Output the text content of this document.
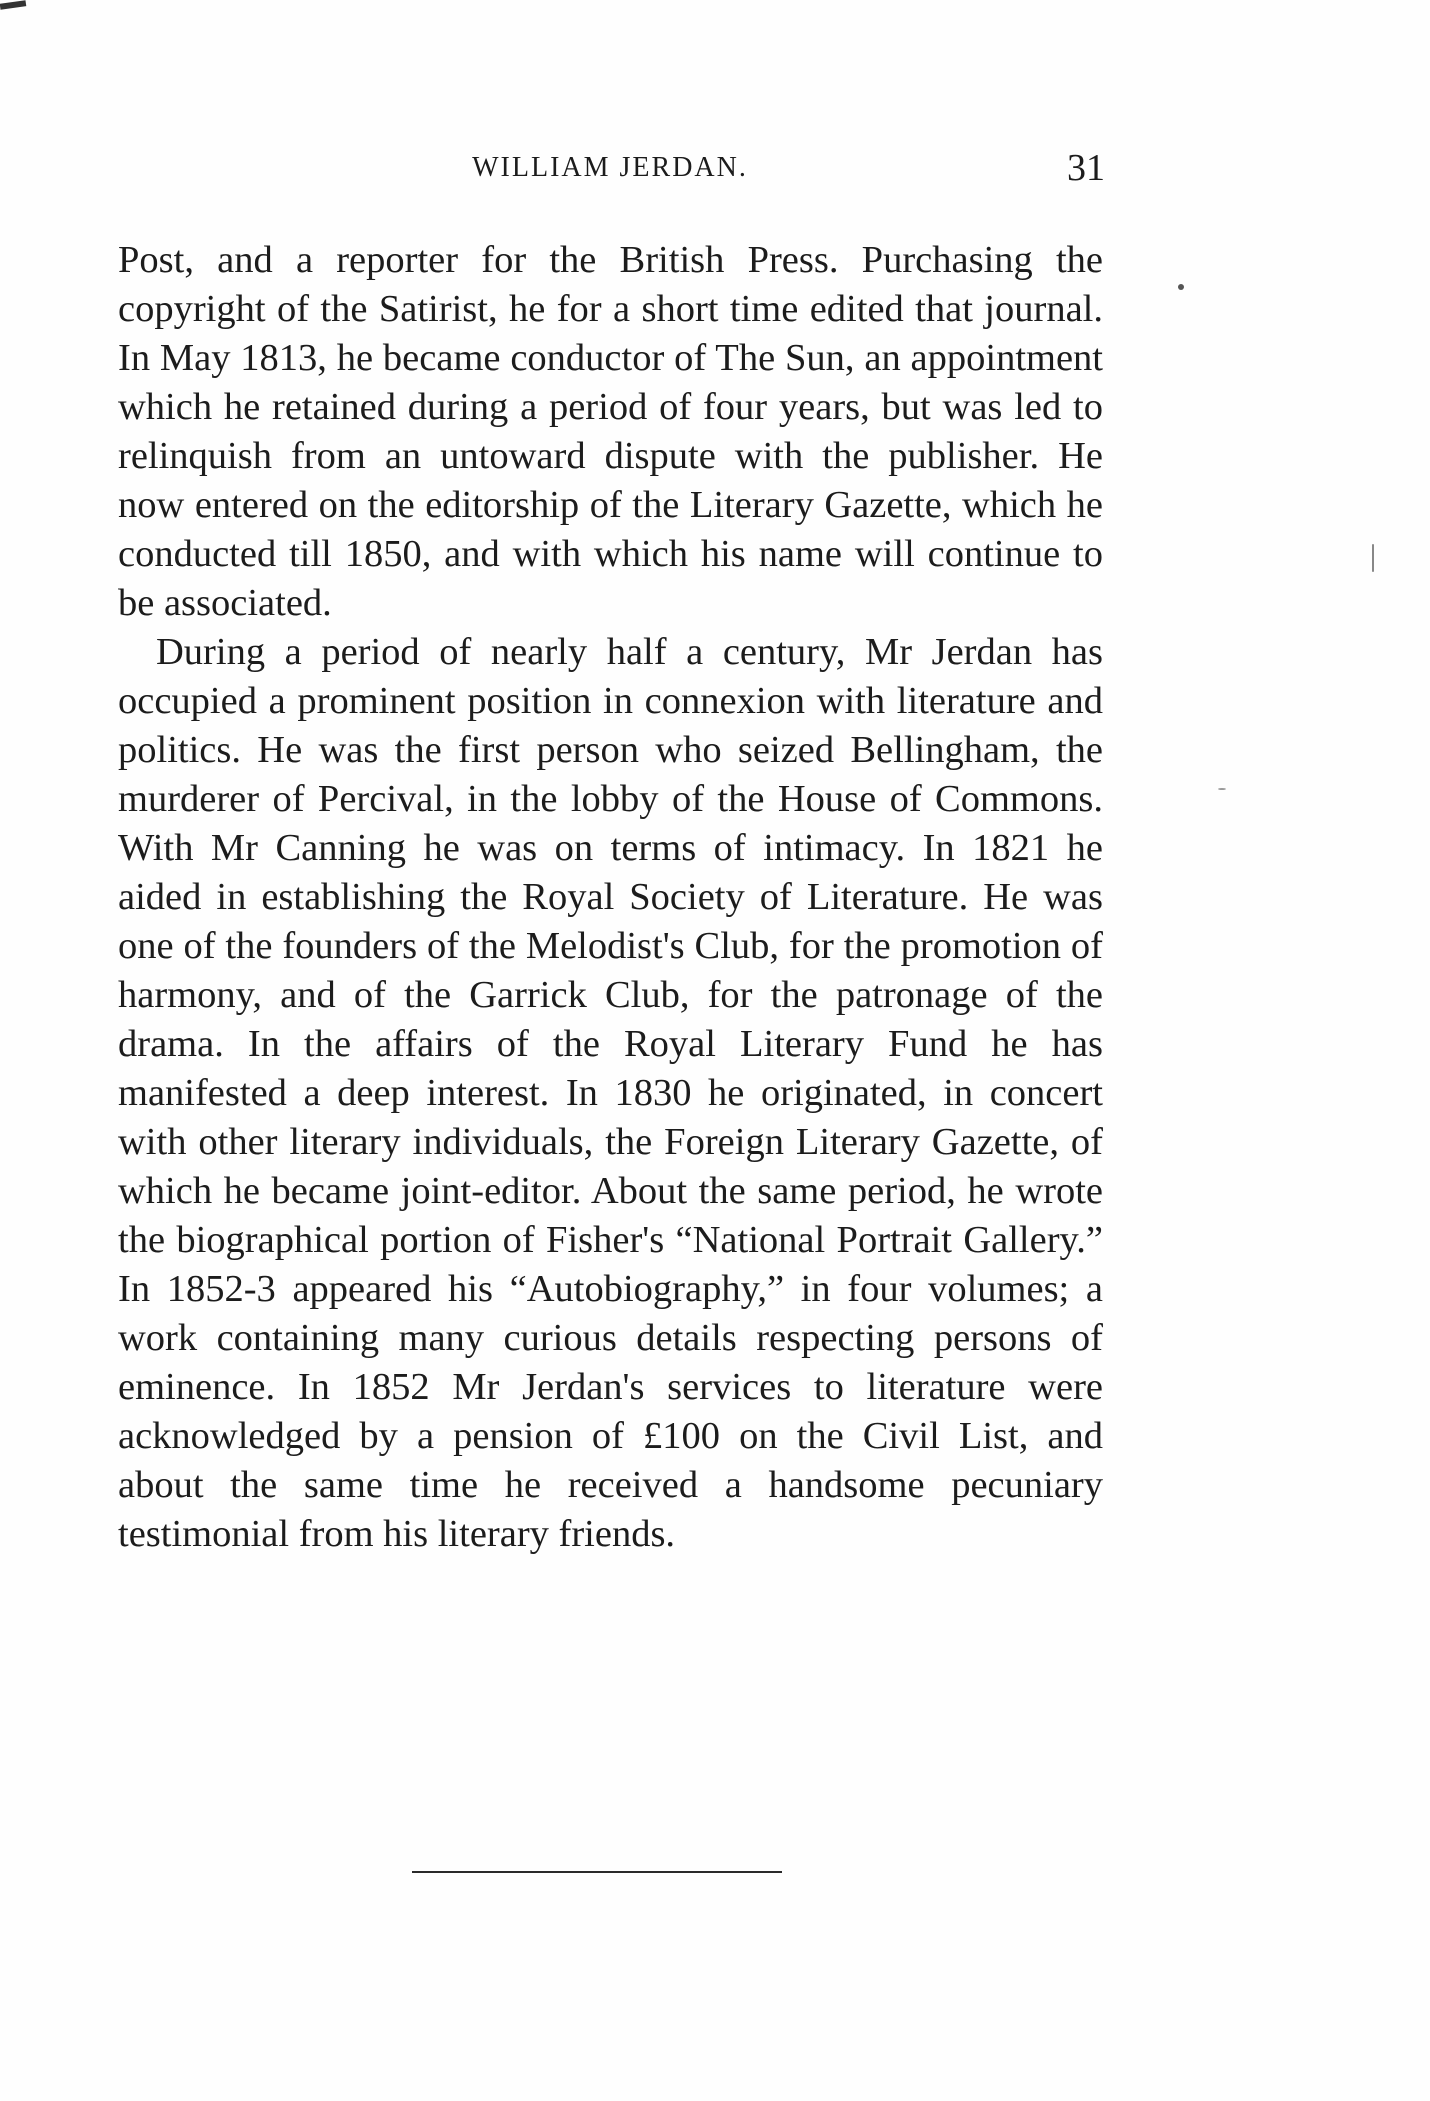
WILLIAM JERDAN.	31

Post, and a reporter for the British Press. Purchasing the copyright of the Satirist, he for a short time edited that journal. In May 1813, he became conductor of The Sun, an appointment which he retained during a period of four years, but was led to relinquish from an untoward dispute with the publisher. He now entered on the editorship of the Literary Gazette, which he conducted till 1850, and with which his name will continue to be associated.

During a period of nearly half a century, Mr Jerdan has occupied a prominent position in connexion with literature and politics. He was the first person who seized Bellingham, the murderer of Percival, in the lobby of the House of Commons. With Mr Canning he was on terms of intimacy. In 1821 he aided in establishing the Royal Society of Literature. He was one of the founders of the Melodist's Club, for the promotion of harmony, and of the Garrick Club, for the patronage of the drama. In the affairs of the Royal Literary Fund he has manifested a deep interest. In 1830 he originated, in concert with other literary individuals, the Foreign Literary Gazette, of which he became joint-editor. About the same period, he wrote the biographical portion of Fisher's “National Portrait Gallery.” In 1852-3 appeared his “Autobiography,” in four volumes; a work containing many curious details respecting persons of eminence. In 1852 Mr Jerdan's services to literature were acknowledged by a pension of £100 on the Civil List, and about the same time he received a handsome pecuniary testimonial from his literary friends.
